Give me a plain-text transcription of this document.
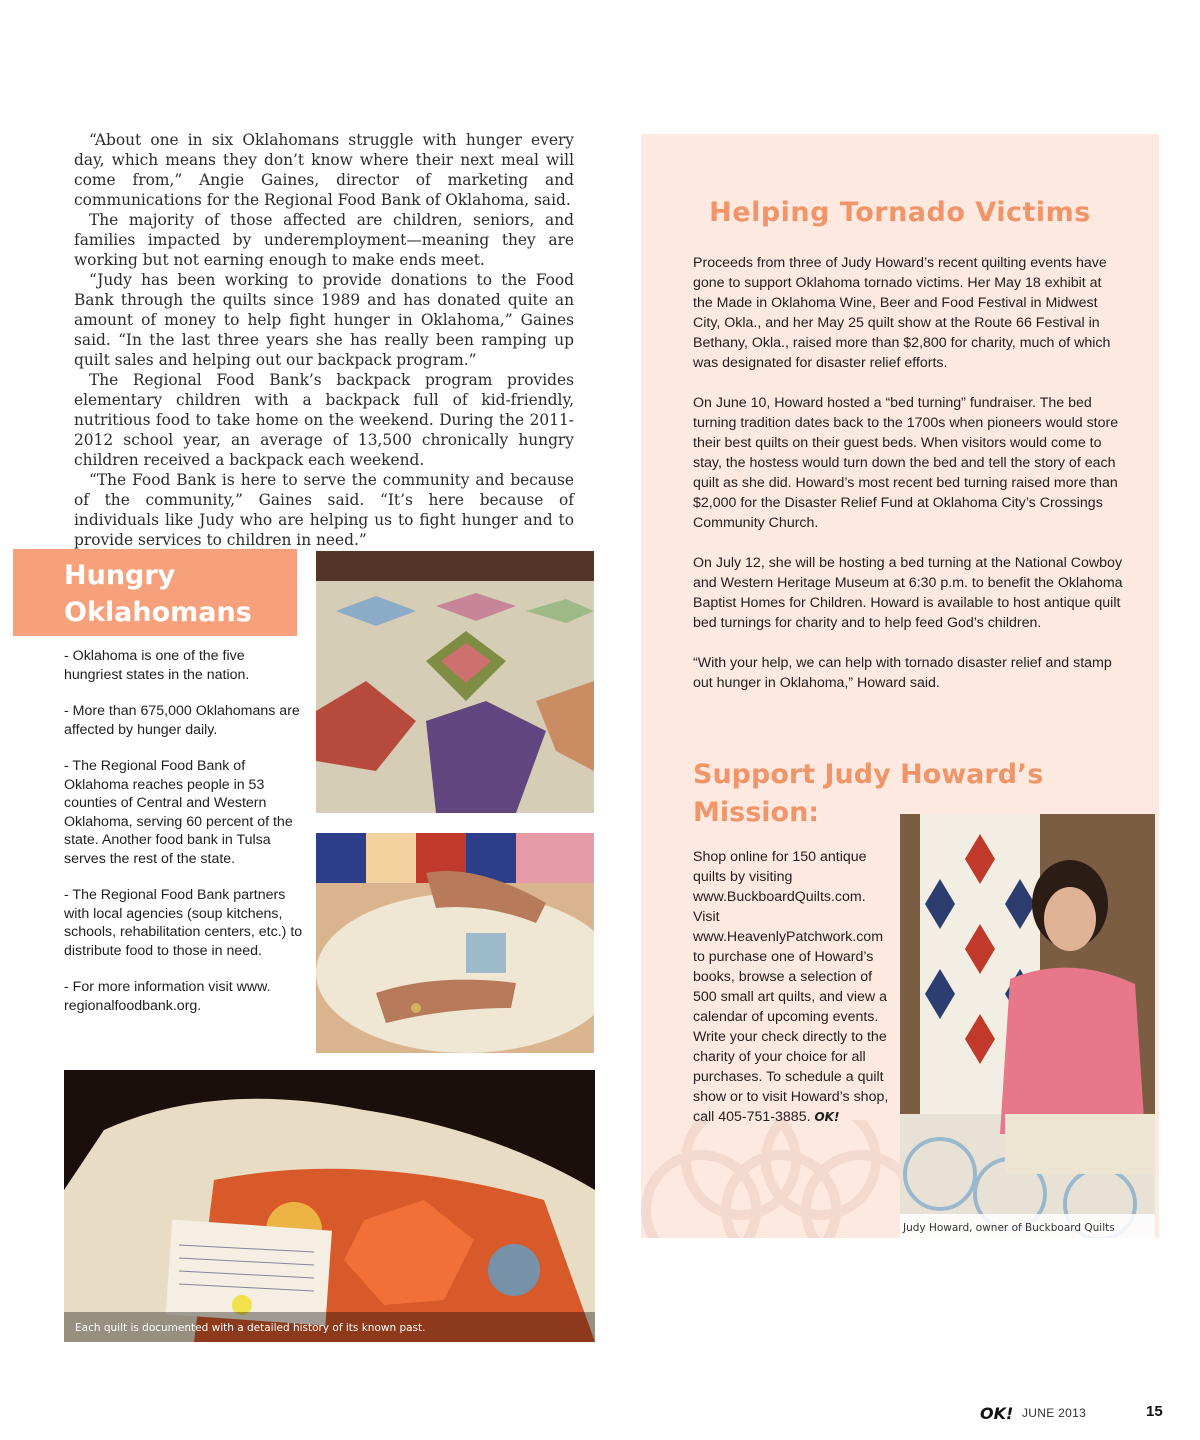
“About one in six Oklahomans struggle with hunger every day, which means they don’t know where their next meal will come from,” Angie Gaines, director of marketing and communications for the Regional Food Bank of Oklahoma, said.

The majority of those affected are children, seniors, and families impacted by underemployment—meaning they are working but not earning enough to make ends meet.

“Judy has been working to provide donations to the Food Bank through the quilts since 1989 and has donated quite an amount of money to help fight hunger in Oklahoma,” Gaines said. “In the last three years she has really been ramping up quilt sales and helping out our backpack program.”

The Regional Food Bank’s backpack program provides elementary children with a backpack full of kid-friendly, nutritious food to take home on the weekend. During the 2011-2012 school year, an average of 13,500 chronically hungry children received a backpack each weekend.

“The Food Bank is here to serve the community and because of the community,” Gaines said. “It’s here because of individuals like Judy who are helping us to fight hunger and to provide services to children in need.”

Helping Tornado Victims

Proceeds from three of Judy Howard’s recent quilting events have gone to support Oklahoma tornado victims. Her May 18 exhibit at the Made in Oklahoma Wine, Beer and Food Festival in Midwest City, Okla., and her May 25 quilt show at the Route 66 Festival in Bethany, Okla., raised more than $2,800 for charity, much of which was designated for disaster relief efforts.

On June 10, Howard hosted a “bed turning” fundraiser. The bed turning tradition dates back to the 1700s when pioneers would store their best quilts on their guest beds. When visitors would come to stay, the hostess would turn down the bed and tell the story of each quilt as she did. Howard’s most recent bed turning raised more than $2,000 for the Disaster Relief Fund at Oklahoma City’s Crossings Community Church.

On July 12, she will be hosting a bed turning at the National Cowboy and Western Heritage Museum at 6:30 p.m. to benefit the Oklahoma Baptist Homes for Children. Howard is available to host antique quilt bed turnings for charity and to help feed God’s children.

“With your help, we can help with tornado disaster relief and stamp out hunger in Oklahoma,” Howard said.

Support Judy Howard’s
Mission:
Shop online for 150 antique quilts by visiting www.BuckboardQuilts.com. Visit www.HeavenlyPatchwork.com to purchase one of Howard’s books, browse a selection of 500 small art quilts, and view a calendar of upcoming events. Write your check directly to the charity of your choice for all purchases. To schedule a quilt show or to visit Howard’s shop, call 405-751-3885. OK!
Judy Howard, owner of Buckboard Quilts
Hungry
Oklahomans

- Oklahoma is one of the five hungriest states in the nation.

- More than 675,000 Oklahomans are affected by hunger daily.

- The Regional Food Bank of Oklahoma reaches people in 53 counties of Central and Western Oklahoma, serving 60 percent of the state. Another food bank in Tulsa serves the rest of the state.

- The Regional Food Bank partners with local agencies (soup kitchens, schools, rehabilitation centers, etc.) to distribute food to those in need.

- For more information visit www. regionalfoodbank.org.

Each quilt is documented with a detailed history of its known past.
OK! JUNE 2013	15
